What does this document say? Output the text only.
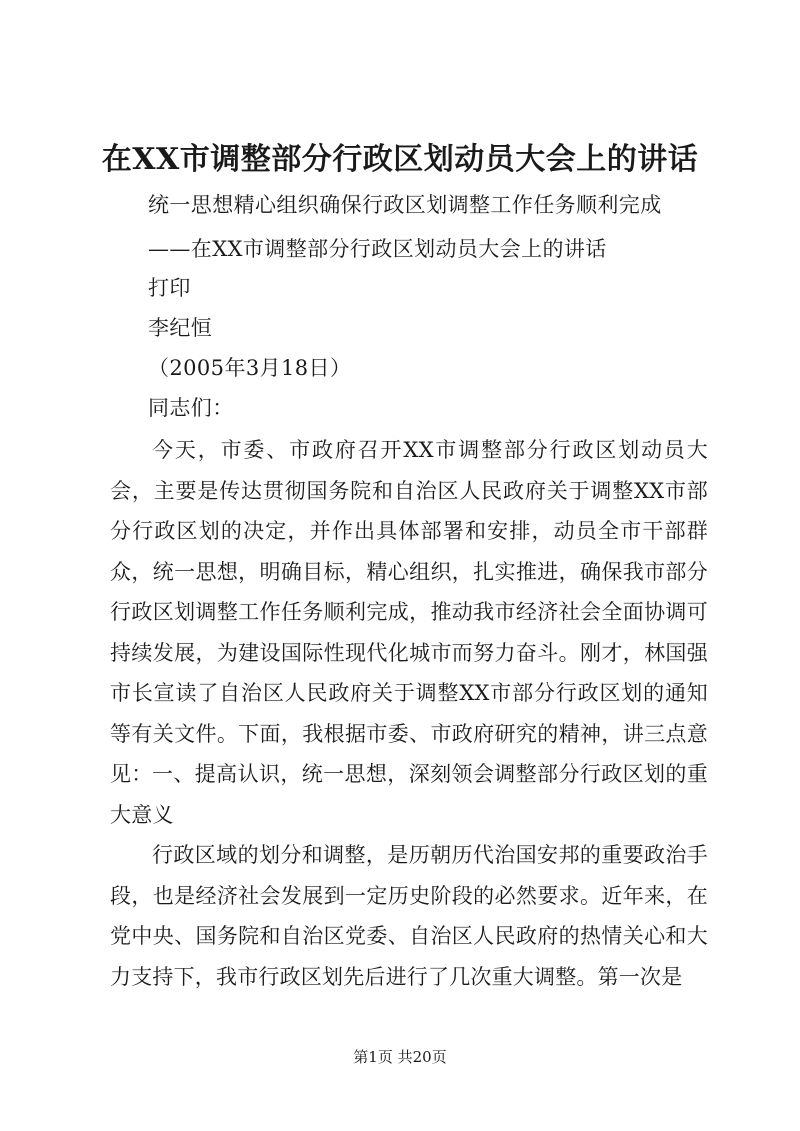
在XX市调整部分行政区划动员大会上的讲话

统一思想精心组织确保行政区划调整工作任务顺利完成

——在XX市调整部分行政区划动员大会上的讲话

打印

李纪恒

（2005年3月18日）

同志们：

今天，市委、市政府召开XX市调整部分行政区划动员大会，主要是传达贯彻国务院和自治区人民政府关于调整XX市部分行政区划的决定，并作出具体部署和安排，动员全市干部群众，统一思想，明确目标，精心组织，扎实推进，确保我市部分行政区划调整工作任务顺利完成，推动我市经济社会全面协调可持续发展，为建设国际性现代化城市而努力奋斗。刚才，林国强市长宣读了自治区人民政府关于调整XX市部分行政区划的通知等有关文件。下面，我根据市委、市政府研究的精神，讲三点意见： 一、提高认识，统一思想，深刻领会调整部分行政区划的重大意义

行政区域的划分和调整，是历朝历代治国安邦的重要政治手段，也是经济社会发展到一定历史阶段的必然要求。近年来，在党中央、国务院和自治区党委、自治区人民政府的热情关心和大力支持下，我市行政区划先后进行了几次重大调整。第一次是

第1页 共20页
